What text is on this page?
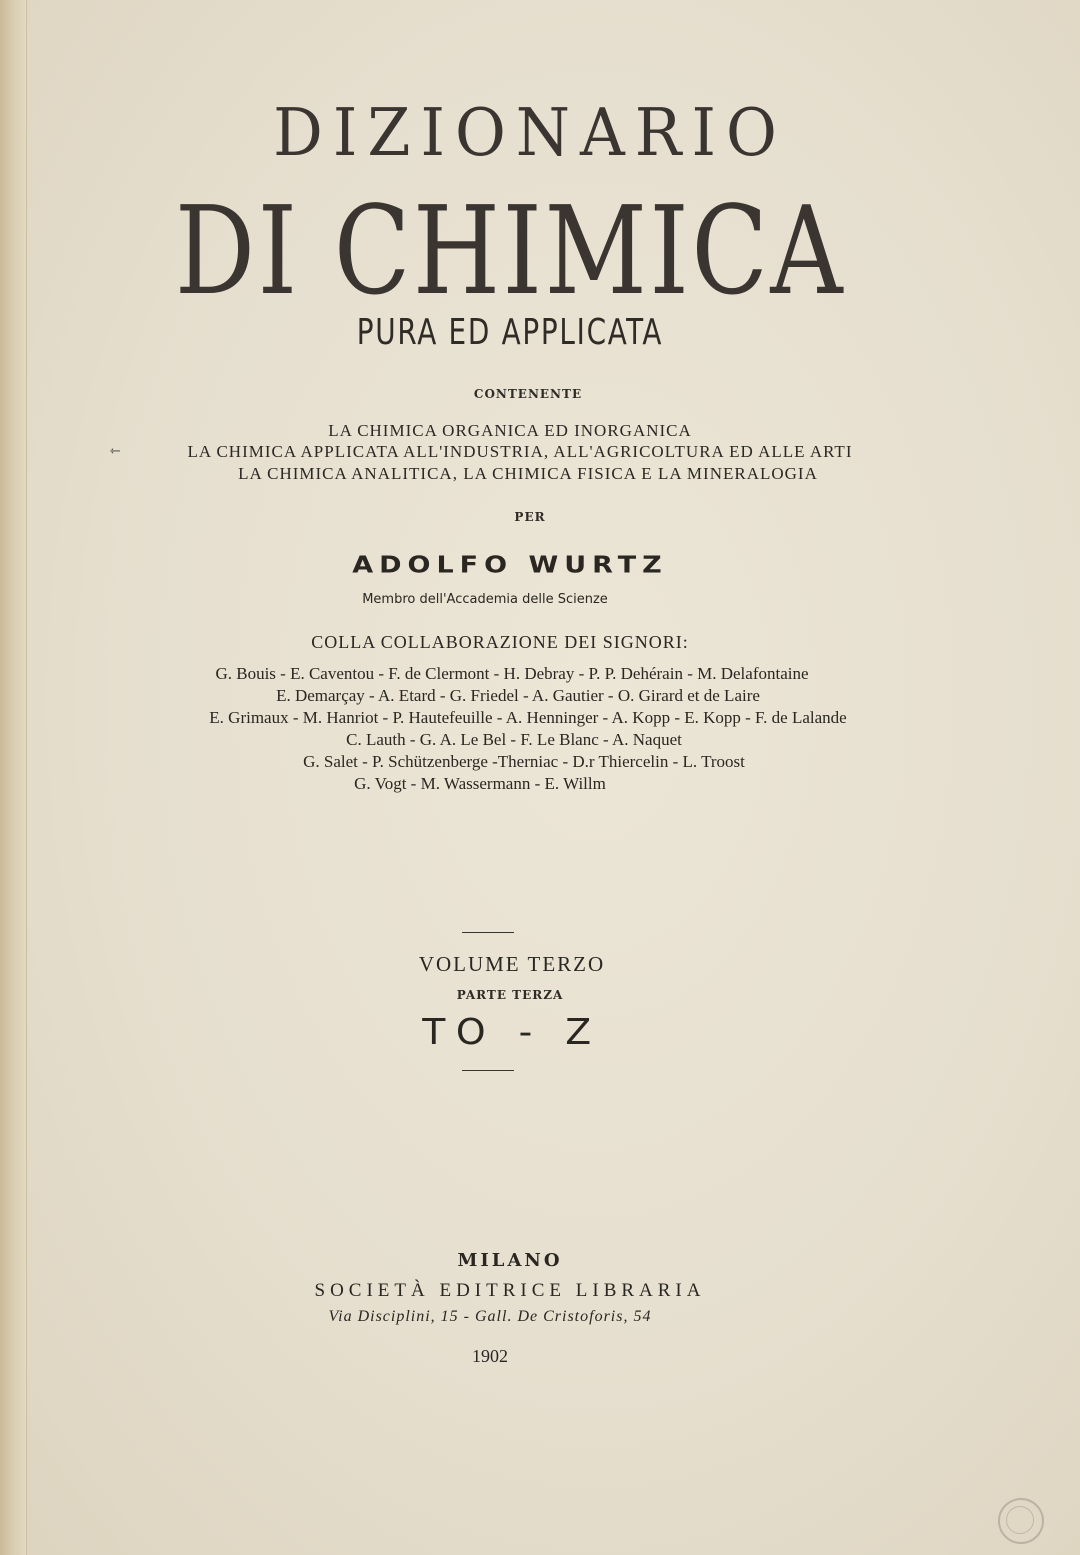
DIZIONARIO
DI CHIMICA
PURA ED APPLICATA
CONTENENTE
⇽
LA CHIMICA ORGANICA ED INORGANICA
LA CHIMICA APPLICATA ALL'INDUSTRIA, ALL'AGRICOLTURA ED ALLE ARTI
LA CHIMICA ANALITICA, LA CHIMICA FISICA E LA MINERALOGIA
PER
ADOLFO WURTZ
Membro dell'Accademia delle Scienze
COLLA COLLABORAZIONE DEI SIGNORI:
G. Bouis - E. Caventou - F. de Clermont - H. Debray - P. P. Dehérain - M. Delafontaine
E. Demarçay - A. Etard - G. Friedel - A. Gautier - O. Girard et de Laire
E. Grimaux - M. Hanriot - P. Hautefeuille - A. Henninger - A. Kopp - E. Kopp - F. de Lalande
C. Lauth - G. A. Le Bel - F. Le Blanc - A. Naquet
G. Salet - P. Schützenberge -Therniac - D.r Thiercelin - L. Troost
G. Vogt - M. Wassermann - E. Willm
VOLUME TERZO
PARTE TERZA
TO - Z
MILANO
SOCIETÀ EDITRICE LIBRARIA
Via Disciplini, 15 - Gall. De Cristoforis, 54
1902
